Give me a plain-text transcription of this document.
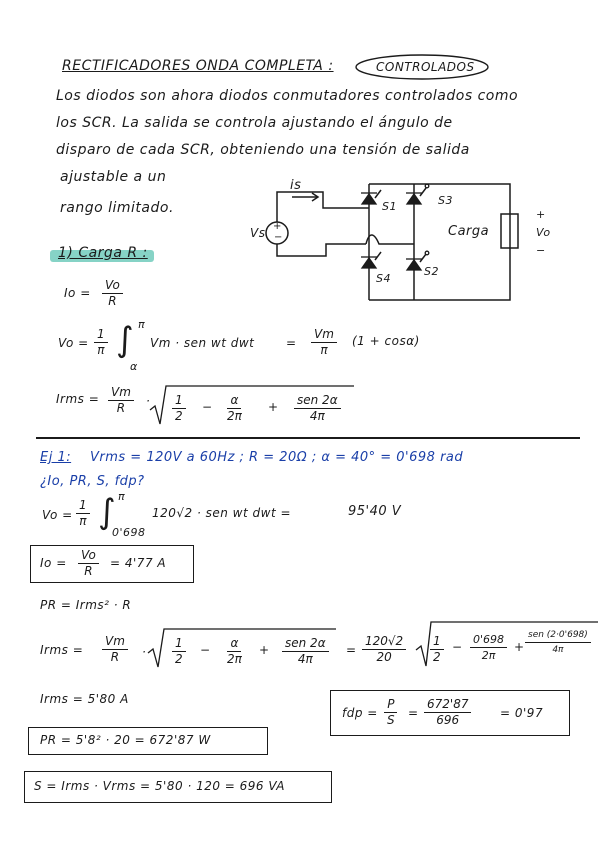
RECTIFICADORES ONDA COMPLETA :	CONTROLADOS
Los diodos son ahora diodos conmutadores controlados como
los SCR. La salida se controla ajustando el ángulo de
disparo de cada SCR, obteniendo una tensión de salida
ajustable a un
rango limitado.
is
Vs +
−
S1	S3
S4
S2
Carga
+
Vo
−
1) Carga R :
$Io = \frac{Vo}{R}$
$Vo = \frac{1}{\pi}$ ∫ π
α
Vm · sen wt dwt	= $\frac{Vm}{\pi} (1 + \cos\alpha)$
Irms = $\frac{Vm}{R} \cdot \frac{1}{2} - \frac{\alpha}{2\pi}$ + sen 2α
4π
Ej 1: Vrms = 120V a 60Hz ; R = 20Ω ; α = 40° = 0'698 rad
¿Io, PR, S, fdp?
$Vo = \frac{1}{\pi}$ ∫ π
0'698
120√2 · sen wt dwt =	95'40 V
$Io = \frac{Vo}{R} = 4'77$ A
PR = Irms² · R
Irms = $\frac{Vm}{R} \cdot \frac{1}{2} - \frac{\alpha}{2\pi}$ + sen 2α
4π
= $\frac{120√2}{20} \frac{1}{2} - \frac{0'698}{2\pi}$ +
sen (2·0'698)
4π
Irms = 5'80 A
fdp = $\frac{P}{S} = \frac{672'87}{696} = 0'97$
PR = 5'8² · 20 = 672'87 W
S = Irms · Vrms = 5'80 · 120 = 696 VA
